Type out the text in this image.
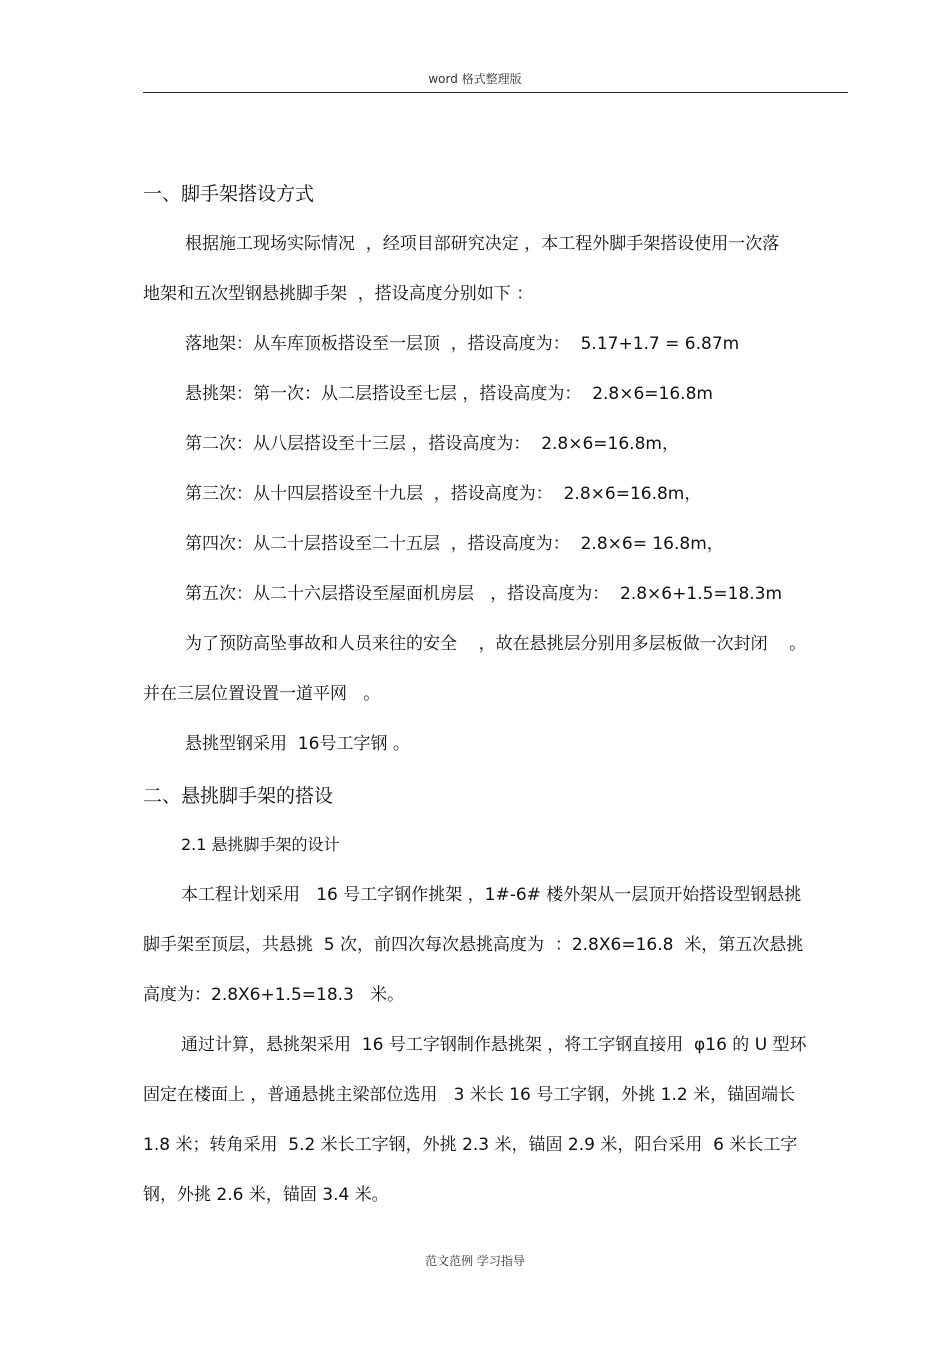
word 格式整理版
一、脚手架搭设方式
根据施工现场实际情况  ，经项目部研究决定 ，本工程外脚手架搭设使用一次落
地架和五次型钢悬挑脚手架  ，搭设高度分别如下 ：
落地架：从车库顶板搭设至一层顶  ，搭设高度为：  5.17+1.7 = 6.87m
悬挑架：第一次：从二层搭设至七层 ，搭设高度为：  2.8×6=16.8m
第二次：从八层搭设至十三层 ，搭设高度为：  2.8×6=16.8m，
第三次：从十四层搭设至十九层  ，搭设高度为：  2.8×6=16.8m，
第四次：从二十层搭设至二十五层  ，搭设高度为：  2.8×6= 16.8m，
第五次：从二十六层搭设至屋面机房层   ，搭设高度为：  2.8×6+1.5=18.3m
为了预防高坠事故和人员来往的安全    ，故在悬挑层分别用多层板做一次封闭    。
并在三层位置设置一道平网   。
悬挑型钢采用  16号工字钢 。
二、悬挑脚手架的搭设
2.1 悬挑脚手架的设计
本工程计划采用   16 号工字钢作挑架 ，1#-6# 楼外架从一层顶开始搭设型钢悬挑
脚手架至顶层，共悬挑  5 次，前四次每次悬挑高度为  ：2.8X6=16.8  米，第五次悬挑
高度为：2.8X6+1.5=18.3   米。
通过计算，悬挑架采用  16 号工字钢制作悬挑架 ，将工字钢直接用  φ16 的 U 型环
固定在楼面上 ，普通悬挑主梁部位选用   3 米长 16 号工字钢，外挑 1.2 米，锚固端长
1.8 米；转角采用  5.2 米长工字钢，外挑 2.3 米，锚固 2.9 米，阳台采用  6 米长工字
钢，外挑 2.6 米，锚固 3.4 米。
范文范例 学习指导
